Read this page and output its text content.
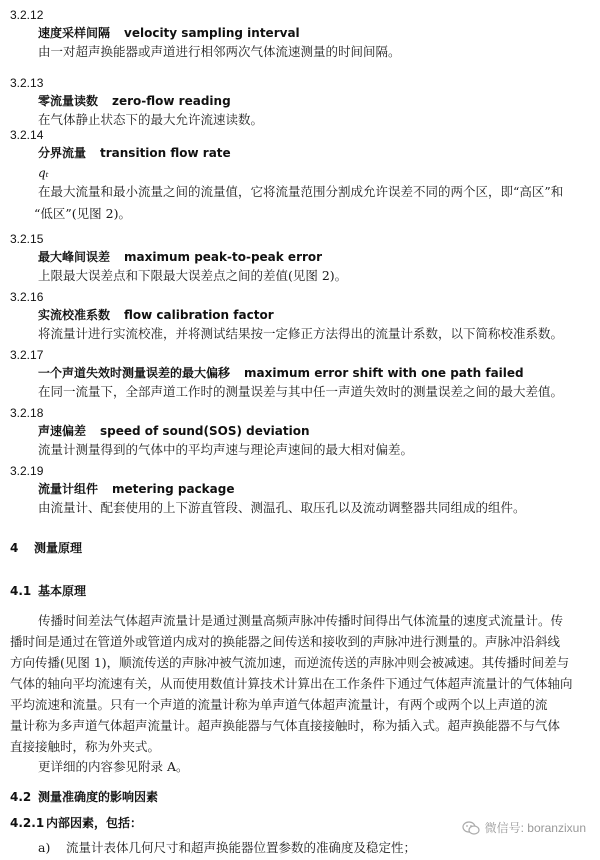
3.2.12
速度采样间隔 velocity sampling interval
由一对超声换能器或声道进行相邻两次气体流速测量的时间间隔。
3.2.13
零流量读数 zero-flow reading
在气体静止状态下的最大允许流速读数。
3.2.14
分界流量 transition flow rate
qₜ
在最大流量和最小流量之间的流量值，它将流量范围分割成允许误差不同的两个区，即“高区”和
“低区”(见图 2)。
3.2.15
最大峰间误差 maximum peak-to-peak error
上限最大误差点和下限最大误差点之间的差值(见图 2)。
3.2.16
实流校准系数 flow calibration factor
将流量计进行实流校准，并将测试结果按一定修正方法得出的流量计系数，以下简称校准系数。
3.2.17
一个声道失效时测量误差的最大偏移 maximum error shift with one path failed
在同一流量下，全部声道工作时的测量误差与其中任一声道失效时的测量误差之间的最大差值。
3.2.18
声速偏差 speed of sound(SOS) deviation
流量计测量得到的气体中的平均声速与理论声速间的最大相对偏差。
3.2.19
流量计组件 metering package
由流量计、配套使用的上下游直管段、测温孔、取压孔以及流动调整器共同组成的组件。
4 测量原理
4.1 基本原理
传播时间差法气体超声流量计是通过测量高频声脉冲传播时间得出气体流量的速度式流量计。传
播时间是通过在管道外或管道内成对的换能器之间传送和接收到的声脉冲进行测量的。声脉冲沿斜线
方向传播(见图 1)，顺流传送的声脉冲被气流加速，而逆流传送的声脉冲则会被减速。其传播时间差与
气体的轴向平均流速有关，从而使用数值计算技术计算出在工作条件下通过气体超声流量计的气体轴向
平均流速和流量。只有一个声道的流量计称为单声道气体超声流量计，有两个或两个以上声道的流
量计称为多声道气体超声流量计。超声换能器与气体直接接触时，称为插入式。超声换能器不与气体
直接接触时，称为外夹式。
更详细的内容参见附录 A。
4.2 测量准确度的影响因素
4.2.1 内部因素，包括：
a)	流量计表体几何尺寸和超声换能器位置参数的准确度及稳定性；
微信号: boranzixun
